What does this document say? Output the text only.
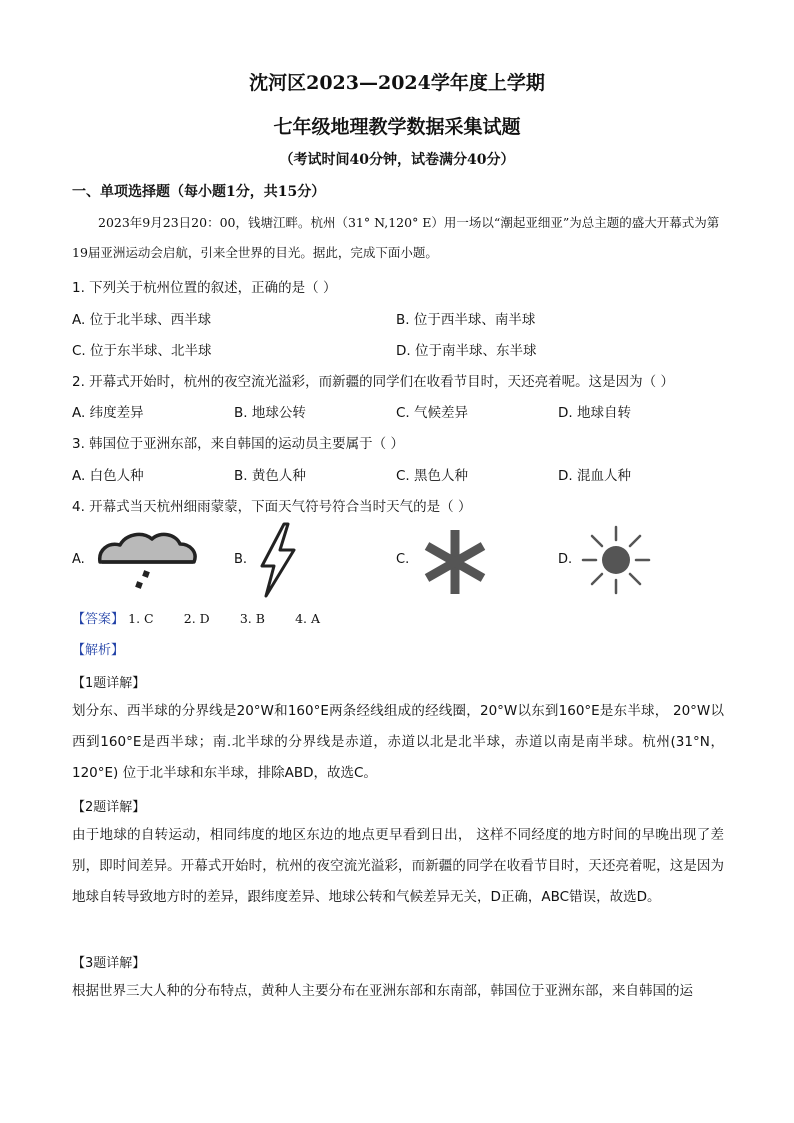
沈河区2023—2024学年度上学期
七年级地理教学数据采集试题
（考试时间40分钟，试卷满分40分）
一、单项选择题（每小题1分，共15分）
2023年9月23日20：00，钱塘江畔。杭州（31° N,120° E）用一场以“潮起亚细亚”为总主题的盛大开幕式为第19届亚洲运动会启航，引来全世界的目光。据此，完成下面小题。
1. 下列关于杭州位置的叙述，正确的是（ ）
A. 位于北半球、西半球	B. 位于西半球、南半球
C. 位于东半球、北半球	D. 位于南半球、东半球
2. 开幕式开始时，杭州的夜空流光溢彩，而新疆的同学们在收看节目时，天还亮着呢。这是因为（ ）
A. 纬度差异	B. 地球公转	C. 气候差异	D. 地球自转
3. 韩国位于亚洲东部，来自韩国的运动员主要属于（ ）
A. 白色人种	B. 黄色人种	C. 黑色人种	D. 混血人种
4. 开幕式当天杭州细雨蒙蒙，下面天气符号符合当时天气的是（ ）
A.	B.	C.	D.
【答案】 1. C 2. D 3. B 4. A
【解析】
【1题详解】
划分东、西半球的分界线是20°W和160°E两条经线组成的经线圈，20°W以东到160°E是东半球， 20°W以西到160°E是西半球；南.北半球的分界线是赤道，赤道以北是北半球，赤道以南是南半球。杭州(31°N，120°E) 位于北半球和东半球，排除ABD，故选C。
【2题详解】
由于地球的自转运动，相同纬度的地区东边的地点更早看到日出， 这样不同经度的地方时间的早晚出现了差别，即时间差异。开幕式开始时，杭州的夜空流光溢彩，而新疆的同学在收看节目时，天还亮着呢，这是因为地球自转导致地方时的差异，跟纬度差异、地球公转和气候差异无关，D正确，ABC错误，故选D。
【3题详解】
根据世界三大人种的分布特点，黄种人主要分布在亚洲东部和东南部，韩国位于亚洲东部，来自韩国的运
